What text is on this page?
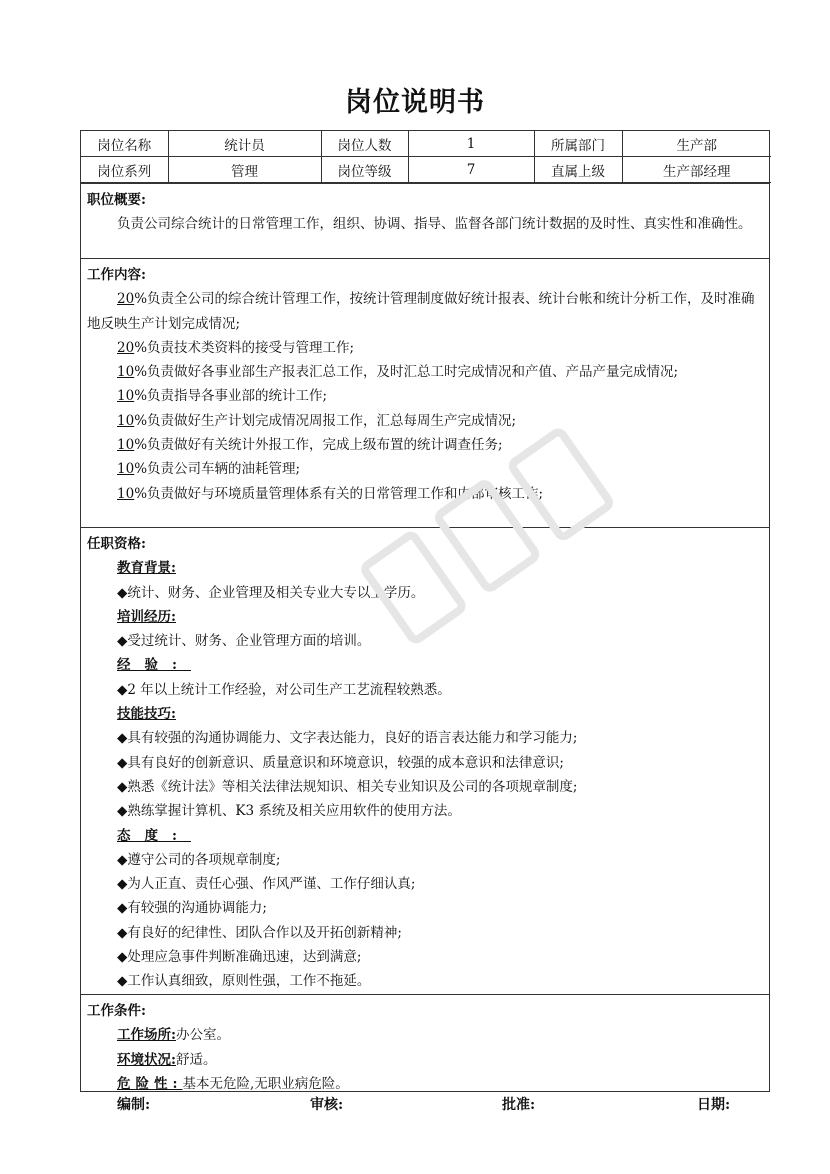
岗位说明书
岗位名称	统计员	岗位人数	1	所属部门	生产部
岗位系列	管理	岗位等级	7	直属上级	生产部经理
职位概要:
负责公司综合统计的日常管理工作，组织、协调、指导、监督各部门统计数据的及时性、真实性和准确性。
工作内容:
20%负责全公司的综合统计管理工作，按统计管理制度做好统计报表、统计台帐和统计分析工作，及时准确地反映生产计划完成情况;
20%负责技术类资料的接受与管理工作;
10%负责做好各事业部生产报表汇总工作，及时汇总工时完成情况和产值、产品产量完成情况;
10%负责指导各事业部的统计工作;
10%负责做好生产计划完成情况周报工作，汇总每周生产完成情况;
10%负责做好有关统计外报工作，完成上级布置的统计调查任务;
10%负责公司车辆的油耗管理;
10%负责做好与环境质量管理体系有关的日常管理工作和内部审核工作;
任职资格:
教育背景:
◆统计、财务、企业管理及相关专业大专以上学历。
培训经历:
◆受过统计、财务、企业管理方面的培训。
经验:
◆2 年以上统计工作经验，对公司生产工艺流程较熟悉。
技能技巧:
◆具有较强的沟通协调能力、文字表达能力，良好的语言表达能力和学习能力;
◆具有良好的创新意识、质量意识和环境意识，较强的成本意识和法律意识;
◆熟悉《统计法》等相关法律法规知识、相关专业知识及公司的各项规章制度;
◆熟练掌握计算机、K3 系统及相关应用软件的使用方法。
态度:
◆遵守公司的各项规章制度;
◆为人正直、责任心强、作风严谨、工作仔细认真;
◆有较强的沟通协调能力;
◆有良好的纪律性、团队合作以及开拓创新精神;
◆处理应急事件判断准确迅速，达到满意;
◆工作认真细致，原则性强，工作不拖延。
工作条件:
工作场所:办公室。
环境状况:舒适。
危险性:基本无危险,无职业病危险。
编制:	审核:	批准:	日期:
